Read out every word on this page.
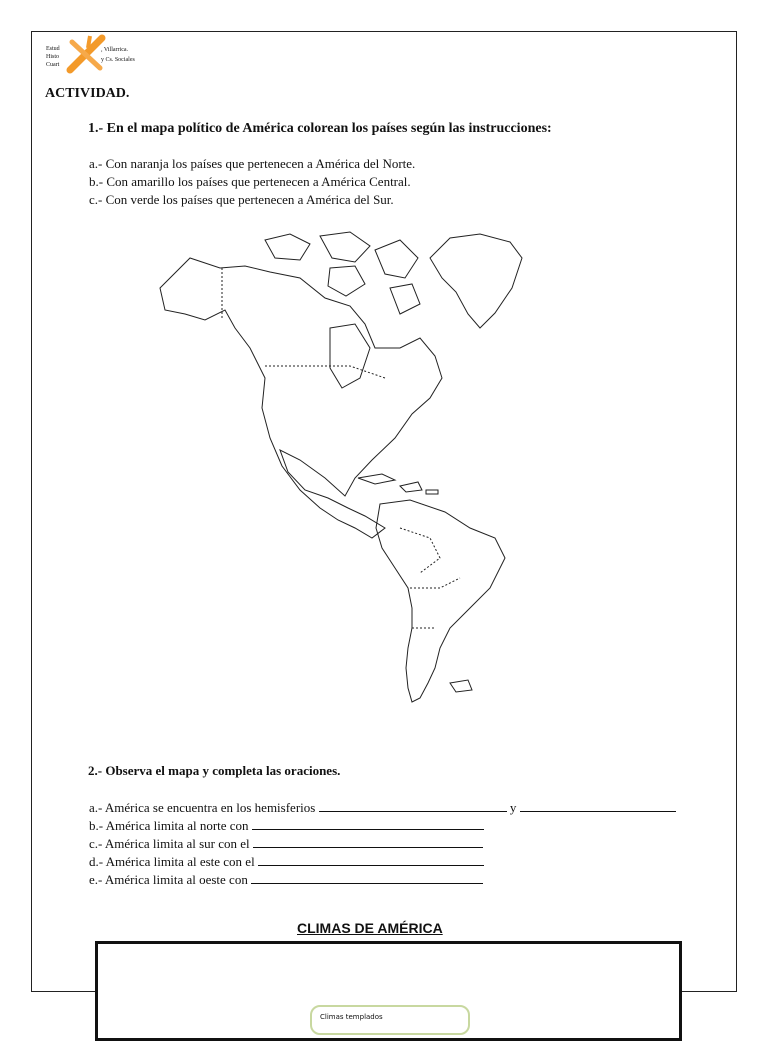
Estud
Histo
Cuart
, Villarrica.
y Cs. Sociales
ACTIVIDAD.
1.- En el mapa político de América colorean los países según las instrucciones:
a.- Con naranja los países que pertenecen a América del Norte.
b.- Con amarillo los países que pertenecen a América Central.
c.- Con verde los países que pertenecen a América del Sur.
2.- Observa el mapa y completa las oraciones.
a.- América se encuentra en los hemisferios	y
b.- América limita al norte con
c.- América limita al sur con el
d.- América limita al este con el
e.- América limita al oeste con
CLIMAS DE AMÉRICA
Climas templados
